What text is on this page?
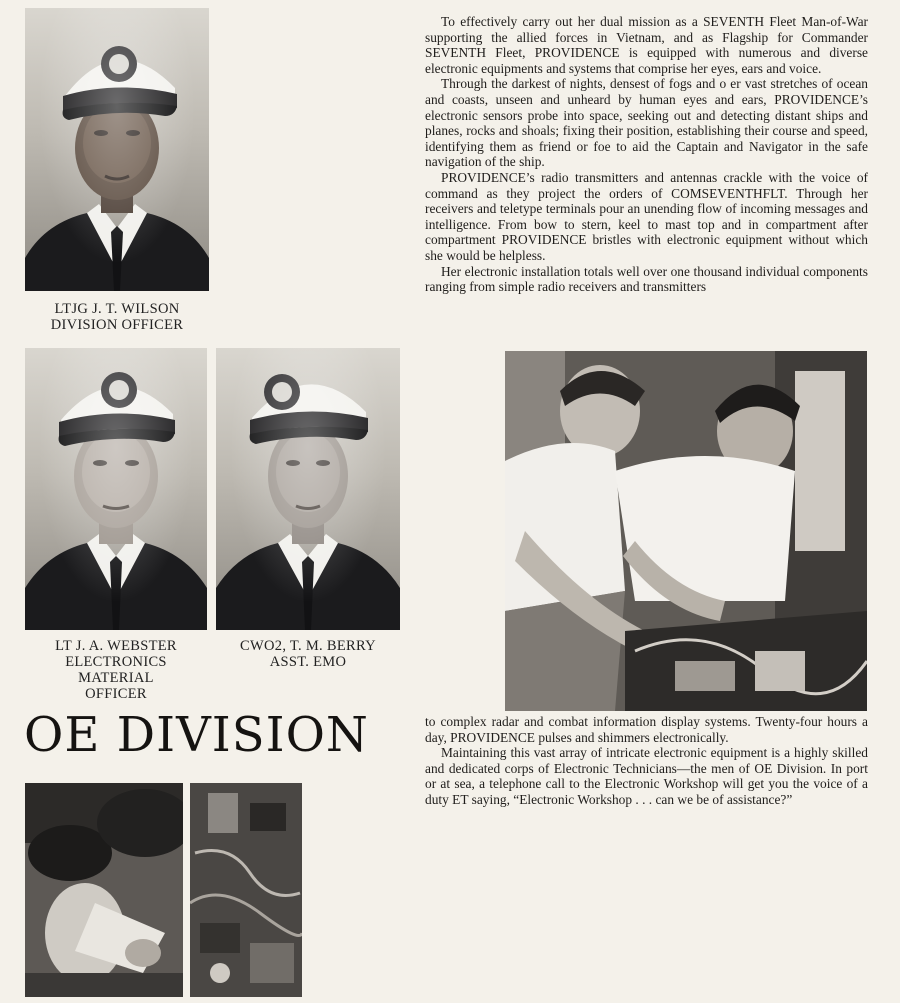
LTJG J. T. WILSON
DIVISION OFFICER
LT J. A. WEBSTER
ELECTRONICS
MATERIAL
OFFICER
CWO2, T. M. BERRY
ASST. EMO
OE DIVISION

To effectively carry out her dual mission as a SEVENTH Fleet Man-of-War supporting the allied forces in Vietnam, and as Flagship for Commander SEVENTH Fleet, PROVIDENCE is equipped with numerous and diverse electronic equipments and systems that comprise her eyes, ears and voice.

Through the darkest of nights, densest of fogs and o er vast stretches of ocean and coasts, unseen and unheard by human eyes and ears, PROVIDENCE’s electronic sensors probe into space, seeking out and detecting distant ships and planes, rocks and shoals; fixing their position, establishing their course and speed, identifying them as friend or foe to aid the Captain and Navigator in the safe navigation of the ship.

PROVIDENCE’s radio transmitters and antennas crackle with the voice of command as they project the orders of COMSEVENTHFLT. Through her receivers and teletype terminals pour an unending flow of incoming messages and intelligence. From bow to stern, keel to mast top and in compartment after compartment PROVIDENCE bristles with electronic equipment without which she would be helpless.

Her electronic installation totals well over one thousand individual components ranging from simple radio receivers and transmitters

to complex radar and combat information display systems. Twenty-four hours a day, PROVIDENCE pulses and shimmers electronically.

Maintaining this vast array of intricate electronic equipment is a highly skilled and dedicated corps of Electronic Technicians—the men of OE Division. In port or at sea, a telephone call to the Electronic Workshop will get you the voice of a duty ET saying, “Electronic Workshop . . . can we be of assistance?”
